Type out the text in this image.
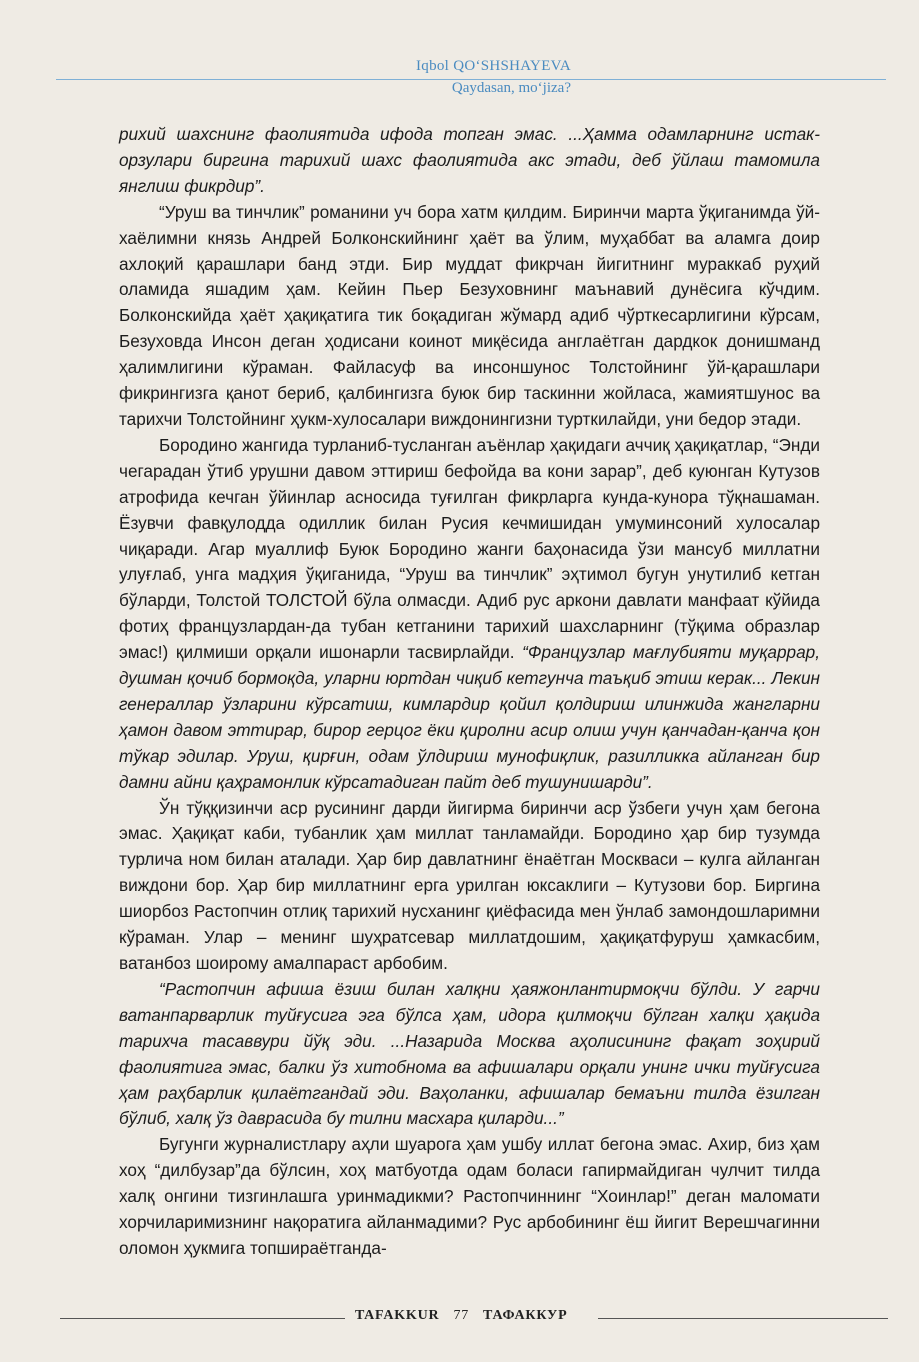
Iqbol QO‘SHSHAYEVA
Qaydasan, mo‘jiza?

рихий шахснинг фаолиятида ифода топган эмас. ...Ҳамма одамларнинг истак-орзулари биргина тарихий шахс фаолиятида акс этади, деб ўйлаш тамомила янглиш фикрдир”.

“Уруш ва тинчлик” романини уч бора хатм қилдим. Биринчи марта ўқиганимда ўй-хаёлимни князь Андрей Болконскийнинг ҳаёт ва ўлим, муҳаббат ва аламга доир ахлоқий қарашлари банд этди. Бир муддат фикрчан йигитнинг мураккаб руҳий оламида яшадим ҳам. Кейин Пьер Безуховнинг маънавий дунёсига кўчдим. Болконскийда ҳаёт ҳақиқатига тик боқадиган жўмард адиб чўрткесарлигини кўрсам, Безуховда Инсон деган ҳодисани коинот миқёсида англаётган дардкок донишманд ҳалимлигини кўраман. Файласуф ва инсоншунос Толстойнинг ўй-қарашлари фикрингизга қанот бериб, қалбингизга буюк бир тaскинни жойласа, жамиятшунос ва тарихчи Толстойнинг ҳукм-хулосалари виждонингизни турткилайди, уни бедор этади.

Бородино жангида турланиб-тусланган аъёнлар ҳақидаги аччиқ ҳақиқатлар, “Энди чегарадан ўтиб урушни давом эттириш бефойда ва кони зарар”, деб куюнган Кутузов атрофида кечган ўйинлар асносида туғилган фикрларга кунда-кунора тўқнашаман. Ёзувчи фавқулодда одиллик билан Русия кечмишидан умуминсоний хулосалар чиқаради. Агар муаллиф Буюк Бородино жанги баҳонасида ўзи мансуб миллатни улуғлаб, унга мадҳия ўқиганида, “Уруш ва тинчлик” эҳтимол бугун унутилиб кетган бўларди, Толстой ТОЛСТОЙ бўла олмасди. Адиб рус аркони давлати манфаат кўйида фотиҳ французлардан-да тубан кетганини тарихий шахсларнинг (тўқима образлар эмас!) қилмиши орқали ишонарли тасвирлайди. “Французлар мағлубияти муқаррар, душман қочиб бормоқда, уларни юртдан чиқиб кетгунча таъқиб этиш керак... Лекин генераллар ўзларини кўрсатиш, кимлардир қойил қолдириш илинжида жангларни ҳамон давом эттирар, бирор герцог ёки қиролни асир олиш учун қанчадан-қанча қон тўкар эдилар. Уруш, қирғин, одам ўлдириш мунофиқлик, разилликка айланган бир дамни айни қаҳрамонлик кўрсатадиган пайт деб тушунишарди”.

Ўн тўққизинчи аср русининг дарди йигирма биринчи аср ўзбеги учун ҳам бегона эмас. Ҳақиқат каби, тубанлик ҳам миллат танламайди. Бородино ҳар бир тузумда турлича ном билан аталади. Ҳар бир давлатнинг ёнаётган Москваси – кулга айланган виждони бор. Ҳар бир миллатнинг ерга урилган юксаклиги – Кутузови бор. Биргина шиорбоз Растопчин отлиқ тарихий нусханинг қиёфасида мен ўнлаб замондошларимни кўраман. Улар – менинг шуҳратсевар миллатдошим, ҳақиқатфуруш ҳамкасбим, ватанбоз шоирому амалпараст арбобим.

“Растопчин афиша ёзиш билан халқни ҳаяжонлантирмоқчи бўлди. У гарчи ватанпарварлик туйғусига эга бўлса ҳам, идора қилмоқчи бўлган халқи ҳақида тарихча тасаввури йўқ эди. ...Назарида Москва аҳолисининг фақат зоҳирий фаолиятига эмас, балки ўз хитобнома ва афишалари орқали унинг ички туйғусига ҳам раҳбарлик қилаётгандай эди. Ваҳоланки, афишалар бемаъни тилда ёзилган бўлиб, халқ ўз даврасида бу тилни масхара қиларди...”

Бугунги журналистлару аҳли шуарога ҳам ушбу иллат бегона эмас. Ахир, биз ҳам хоҳ “дилбузар”да бўлсин, хоҳ матбуотда одам боласи гапирмайдиган чулчит тилда халқ онгини тизгинлашга уринмадикми? Растопчиннинг “Хоинлар!” деган маломати хорчиларимизнинг нақоратига айланмадими? Рус арбобининг ёш йигит Верешчагинни оломон ҳукмига топшираётганда-

TAFAKKUR 77 ТАФАККУР
